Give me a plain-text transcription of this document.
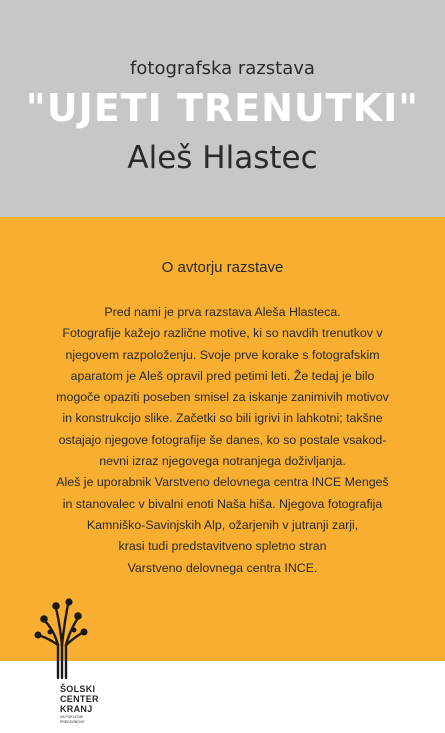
fotografska razstava
"UJETI TRENUTKI"
Aleš Hlastec
O avtorju razstave
Pred nami je prva razstava Aleša Hlasteca.
Fotografije kažejo različne motive, ki so navdih trenutkov v
njegovem razpoloženju. Svoje prve korake s fotografskim
aparatom je Aleš opravil pred petimi leti. Že tedaj je bilo
mogoče opaziti poseben smisel za iskanje zanimivih motivov
in konstrukcijo slike. Začetki so bili igrivi in lahkotni; takšne
ostajajo njegove fotografije še danes, ko so postale vsakod-
nevni izraz njegovega notranjega doživljanja.
Aleš je uporabnik Varstveno delovnega centra INCE Mengeš
in stanovalec v bivalni enoti Naša hiša. Njegova fotografija
Kamniško-Savinjskih Alp, ožarjenih v jutranji zarji,
krasi tudi predstavitveno spletno stran
Varstveno delovnega centra INCE.
ŠOLSKI
CENTER
KRANJ
ZA POKLICNE
PREDOSNOVE
